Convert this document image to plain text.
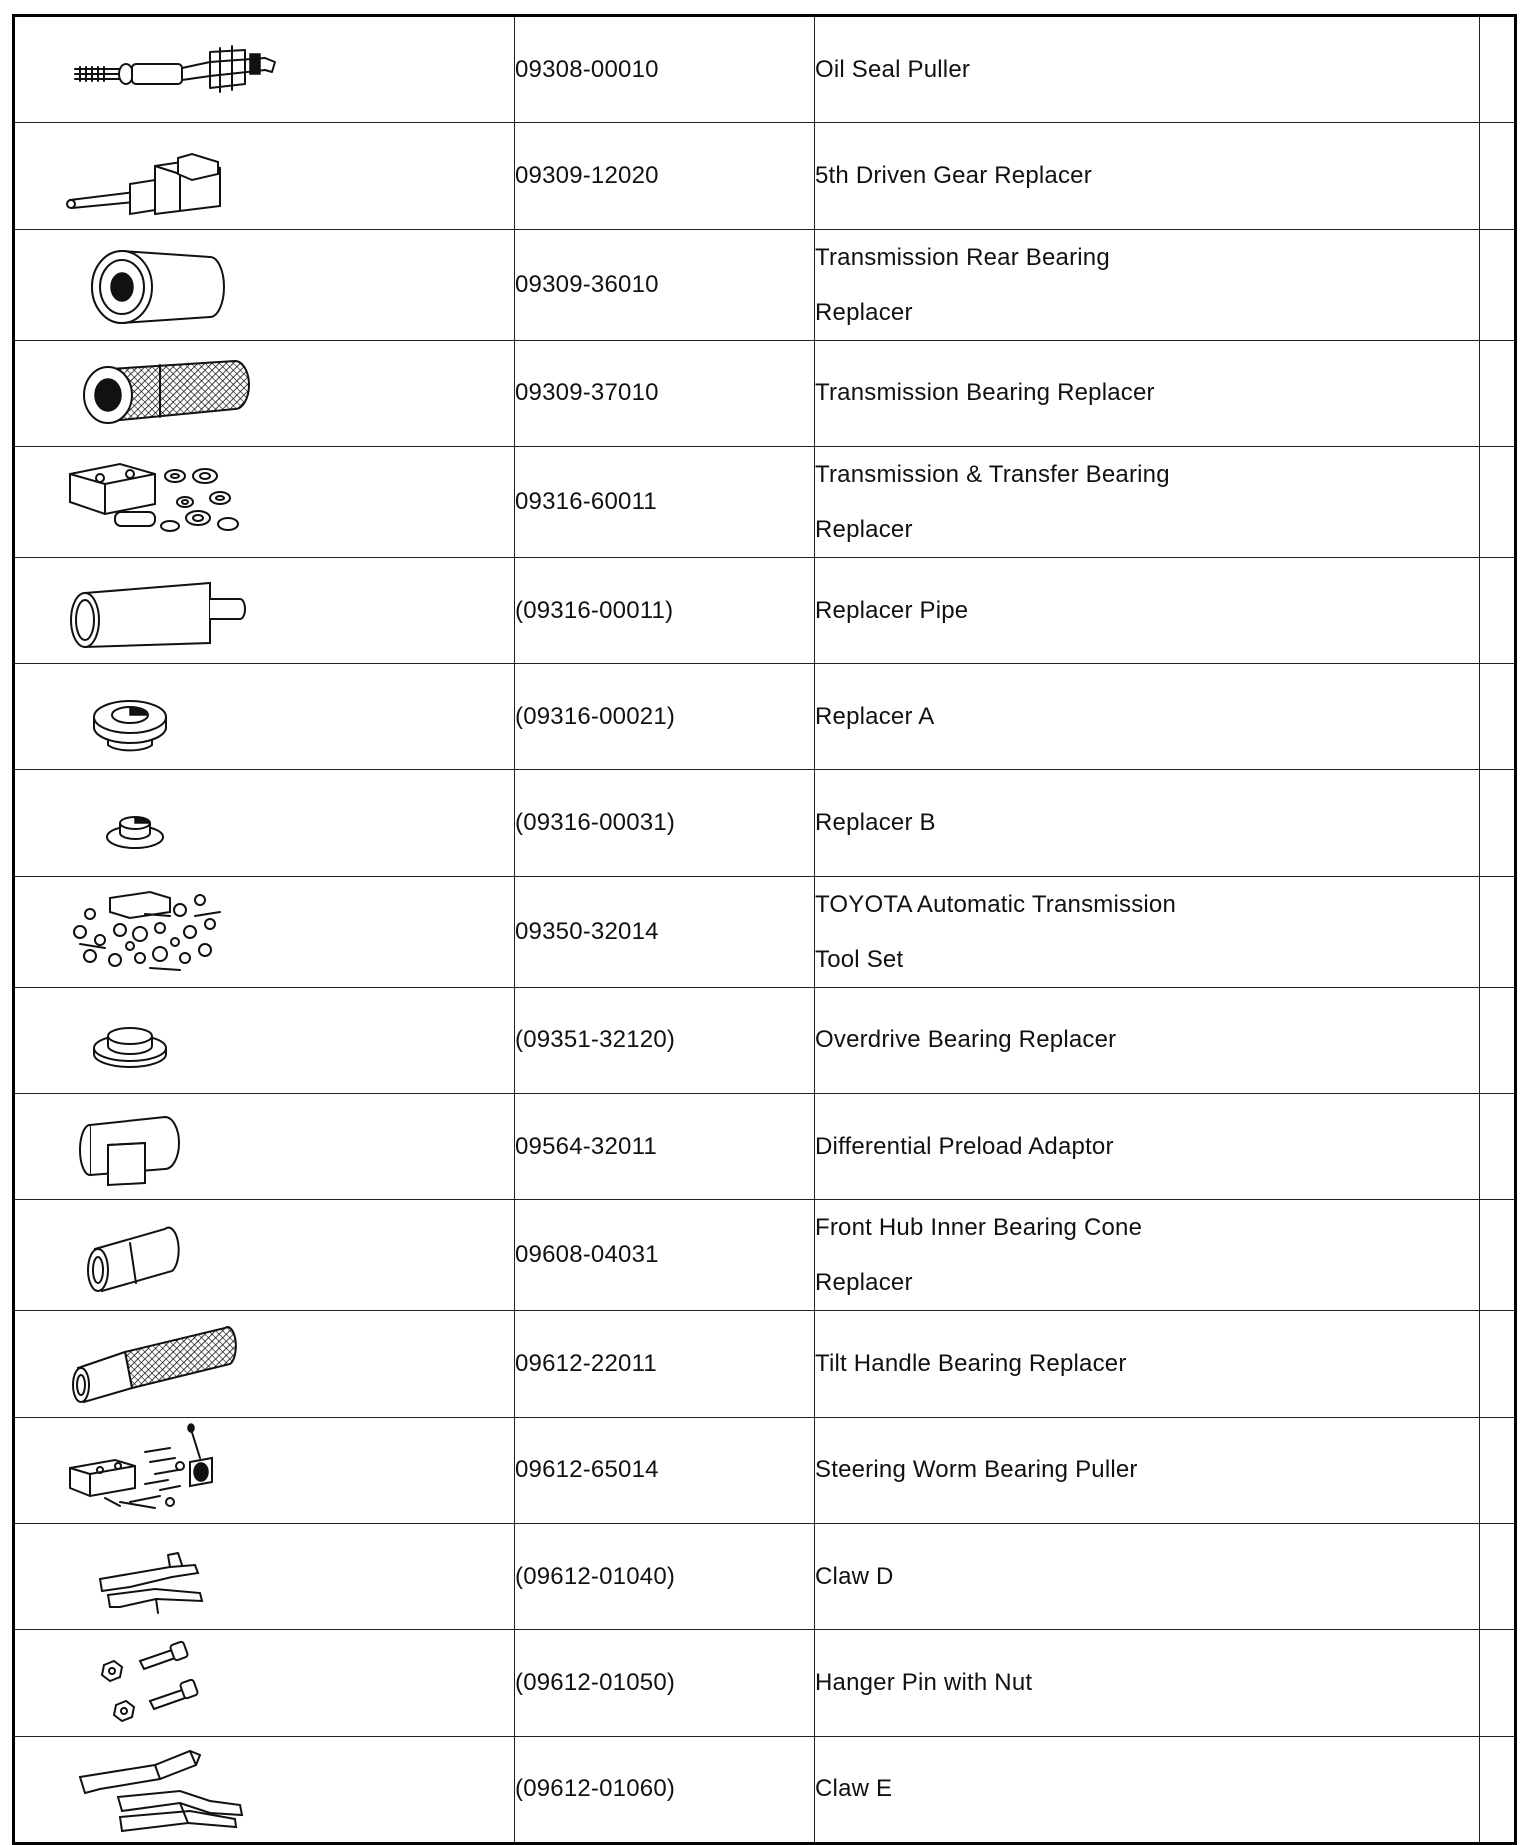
	09308-00010	Oil Seal Puller	

	09309-12020	5th Driven Gear Replacer	

	09309-36010	Transmission Rear Bearing
Replacer	

	09309-37010	Transmission Bearing Replacer	

	09316-60011	Transmission & Transfer Bearing
Replacer	

	(09316-00011)	Replacer Pipe	

	(09316-00021)	Replacer A	

	(09316-00031)	Replacer B	

	09350-32014	TOYOTA Automatic Transmission
Tool Set	

	(09351-32120)	Overdrive Bearing Replacer	

	09564-32011	Differential Preload Adaptor	

	09608-04031	Front Hub Inner Bearing Cone
Replacer	

	09612-22011	Tilt Handle Bearing Replacer	

	09612-65014	Steering Worm Bearing Puller	

	(09612-01040)	Claw D	

	(09612-01050)	Hanger Pin with Nut	

	(09612-01060)	Claw E	
